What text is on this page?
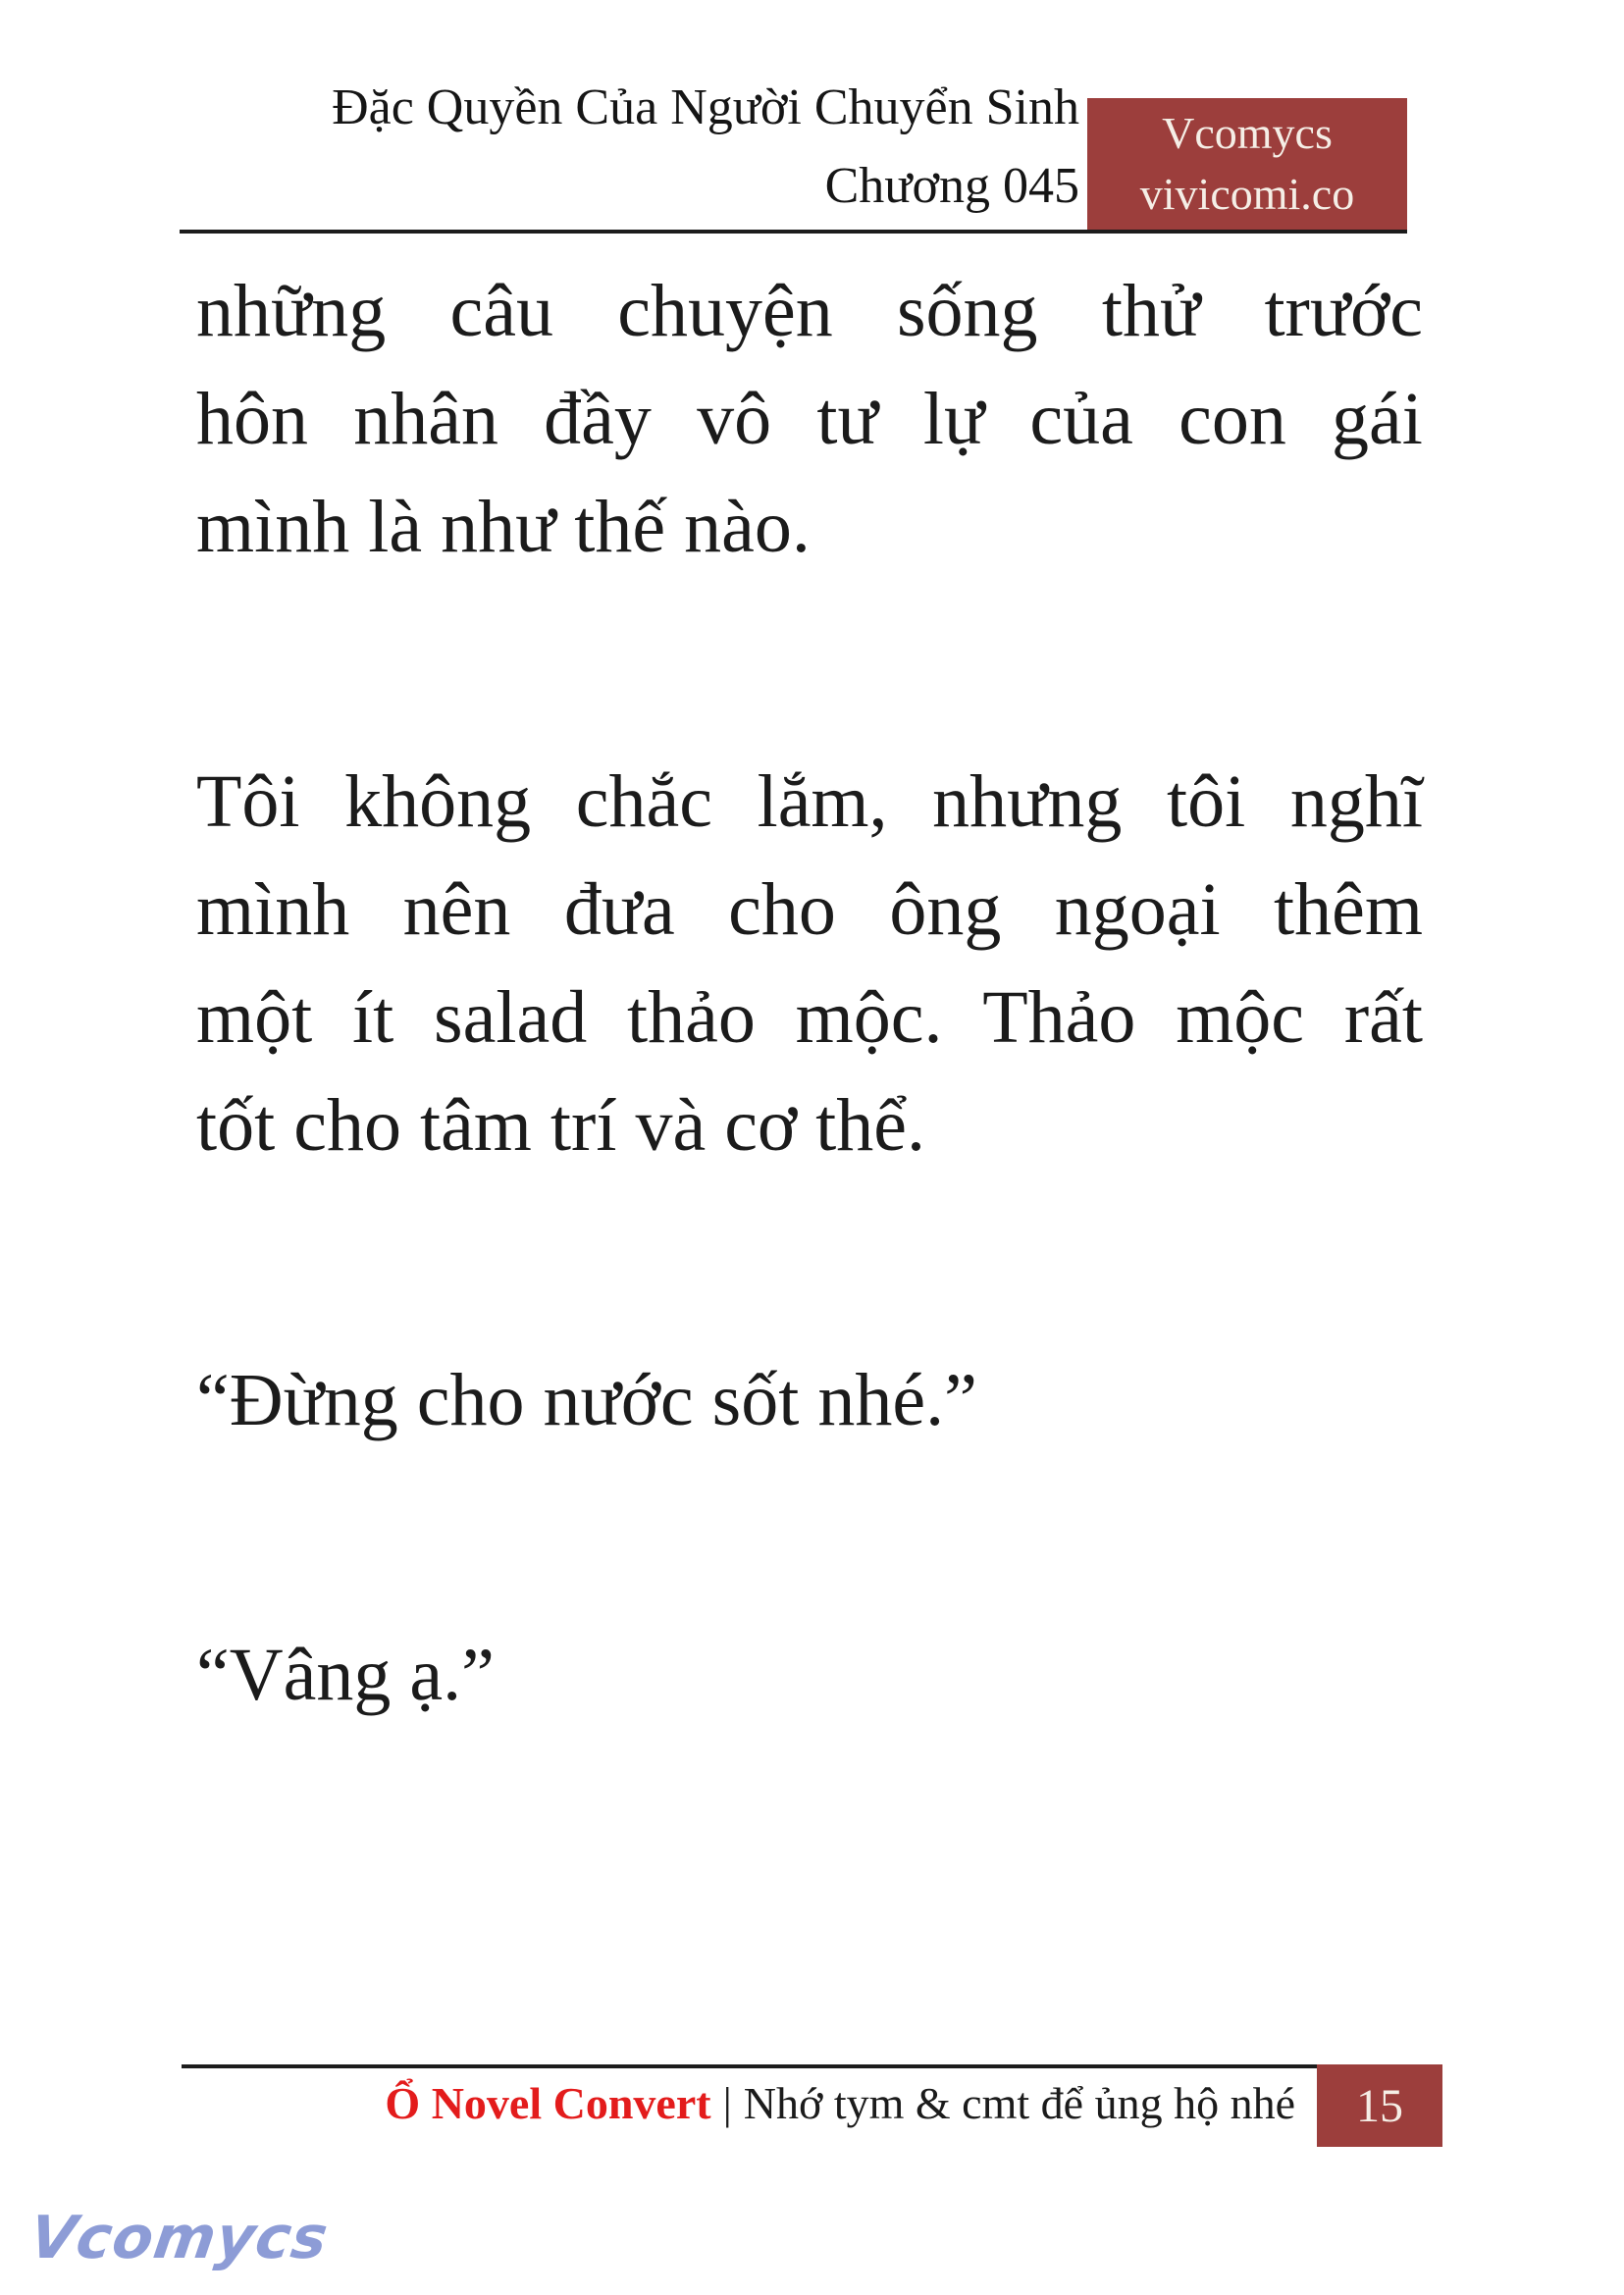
Đặc Quyền Của Người Chuyển Sinh
Chương 045
Vcomycs
vivicomi.co
những câu chuyện sống thử trước
hôn nhân đầy vô tư lự của con gái
mình là như thế nào.
Tôi không chắc lắm, nhưng tôi nghĩ
mình nên đưa cho ông ngoại thêm
một ít salad thảo mộc. Thảo mộc rất
tốt cho tâm trí và cơ thể.
“Đừng cho nước sốt nhé.”
“Vâng ạ.”
Ổ Novel Convert | Nhớ tym & cmt để ủng hộ nhé 15
Vcomycs
